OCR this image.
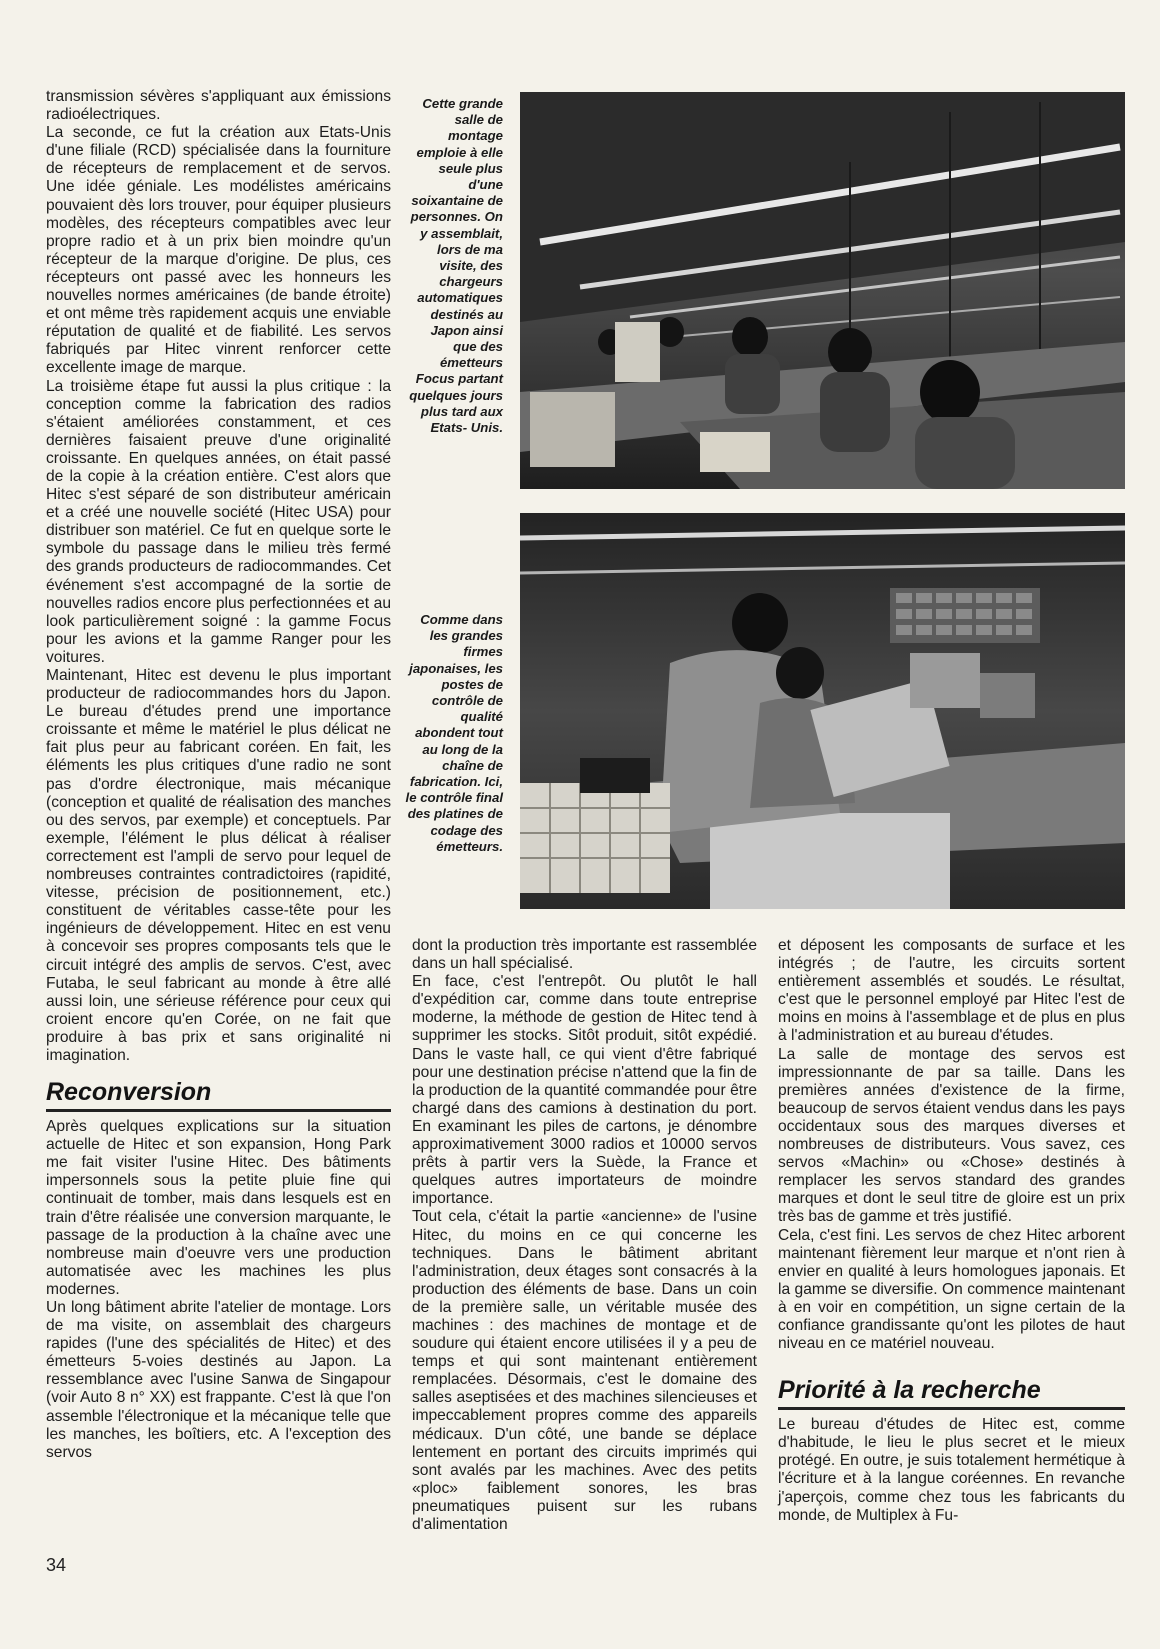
transmission sévères s'appliquant aux émissions radioélectriques.

La seconde, ce fut la création aux Etats-Unis d'une filiale (RCD) spécialisée dans la fourniture de récepteurs de remplacement et de servos. Une idée géniale. Les modélistes américains pouvaient dès lors trouver, pour équiper plusieurs modèles, des récepteurs compatibles avec leur propre radio et à un prix bien moindre qu'un récepteur de la marque d'origine. De plus, ces récepteurs ont passé avec les honneurs les nouvelles normes américaines (de bande étroite) et ont même très rapidement acquis une enviable réputation de qualité et de fiabilité. Les servos fabriqués par Hitec vinrent renforcer cette excellente image de marque.

La troisième étape fut aussi la plus critique : la conception comme la fabrication des radios s'étaient améliorées constamment, et ces dernières faisaient preuve d'une originalité croissante. En quelques années, on était passé de la copie à la création entière. C'est alors que Hitec s'est séparé de son distributeur américain et a créé une nouvelle société (Hitec USA) pour distribuer son matériel. Ce fut en quelque sorte le symbole du passage dans le milieu très fermé des grands producteurs de radiocommandes. Cet événement s'est accompagné de la sortie de nouvelles radios encore plus perfectionnées et au look particulièrement soigné : la gamme Focus pour les avions et la gamme Ranger pour les voitures.

Maintenant, Hitec est devenu le plus important producteur de radiocommandes hors du Japon. Le bureau d'études prend une importance croissante et même le matériel le plus délicat ne fait plus peur au fabricant coréen. En fait, les éléments les plus critiques d'une radio ne sont pas d'ordre électronique, mais mécanique (conception et qualité de réalisation des manches ou des servos, par exemple) et conceptuels. Par exemple, l'élément le plus délicat à réaliser correctement est l'ampli de servo pour lequel de nombreuses contraintes contradictoires (rapidité, vitesse, précision de positionnement, etc.) constituent de véritables casse-tête pour les ingénieurs de développement. Hitec en est venu à concevoir ses propres composants tels que le circuit intégré des amplis de servos. C'est, avec Futaba, le seul fabricant au monde à être allé aussi loin, une sérieuse référence pour ceux qui croient encore qu'en Corée, on ne fait que produire à bas prix et sans originalité ni imagination.

Reconversion

Après quelques explications sur la situation actuelle de Hitec et son expansion, Hong Park me fait visiter l'usine Hitec. Des bâtiments impersonnels sous la petite pluie fine qui continuait de tomber, mais dans lesquels est en train d'être réalisée une conversion marquante, le passage de la production à la chaîne avec une nombreuse main d'oeuvre vers une production automatisée avec les machines les plus modernes.

Un long bâtiment abrite l'atelier de montage. Lors de ma visite, on assemblait des chargeurs rapides (l'une des spécialités de Hitec) et des émetteurs 5-voies destinés au Japon. La ressemblance avec l'usine Sanwa de Singapour (voir Auto 8 n° XX) est frappante. C'est là que l'on assemble l'électronique et la mécanique telle que les manches, les boîtiers, etc. A l'exception des servos

Cette grande salle de montage emploie à elle seule plus d'une soixantaine de personnes. On y assemblait, lors de ma visite, des chargeurs automatiques destinés au Japon ainsi que des émetteurs Focus partant quelques jours plus tard aux Etats- Unis.
Comme dans les grandes firmes japonaises, les postes de contrôle de qualité abondent tout au long de la chaîne de fabrication. Ici, le contrôle final des platines de codage des émetteurs.

dont la production très importante est rassemblée dans un hall spécialisé.

En face, c'est l'entrepôt. Ou plutôt le hall d'expédition car, comme dans toute entreprise moderne, la méthode de gestion de Hitec tend à supprimer les stocks. Sitôt produit, sitôt expédié. Dans le vaste hall, ce qui vient d'être fabriqué pour une destination précise n'attend que la fin de la production de la quantité commandée pour être chargé dans des camions à destination du port. En examinant les piles de cartons, je dénombre approximativement 3000 radios et 10000 servos prêts à partir vers la Suède, la France et quelques autres importateurs de moindre importance.

Tout cela, c'était la partie «ancienne» de l'usine Hitec, du moins en ce qui concerne les techniques. Dans le bâtiment abritant l'administration, deux étages sont consacrés à la production des éléments de base. Dans un coin de la première salle, un véritable musée des machines : des machines de montage et de soudure qui étaient encore utilisées il y a peu de temps et qui sont maintenant entièrement remplacées. Désormais, c'est le domaine des salles aseptisées et des machines silencieuses et impeccablement propres comme des appareils médicaux. D'un côté, une bande se déplace lentement en portant des circuits imprimés qui sont avalés par les machines. Avec des petits «ploc» faiblement sonores, les bras pneumatiques puisent sur les rubans d'alimentation

et déposent les composants de surface et les intégrés ; de l'autre, les circuits sortent entièrement assemblés et soudés. Le résultat, c'est que le personnel employé par Hitec l'est de moins en moins à l'assemblage et de plus en plus à l'administration et au bureau d'études.

La salle de montage des servos est impressionnante de par sa taille. Dans les premières années d'existence de la firme, beaucoup de servos étaient vendus dans les pays occidentaux sous des marques diverses et nombreuses de distributeurs. Vous savez, ces servos «Machin» ou «Chose» destinés à remplacer les servos standard des grandes marques et dont le seul titre de gloire est un prix très bas de gamme et très justifié.

Cela, c'est fini. Les servos de chez Hitec arborent maintenant fièrement leur marque et n'ont rien à envier en qualité à leurs homologues japonais. Et la gamme se diversifie. On commence maintenant à en voir en compétition, un signe certain de la confiance grandissante qu'ont les pilotes de haut niveau en ce matériel nouveau.

Priorité à la recherche

Le bureau d'études de Hitec est, comme d'habitude, le lieu le plus secret et le mieux protégé. En outre, je suis totalement hermétique à l'écriture et à la langue coréennes. En revanche j'aperçois, comme chez tous les fabricants du monde, de Multiplex à Fu-

34
